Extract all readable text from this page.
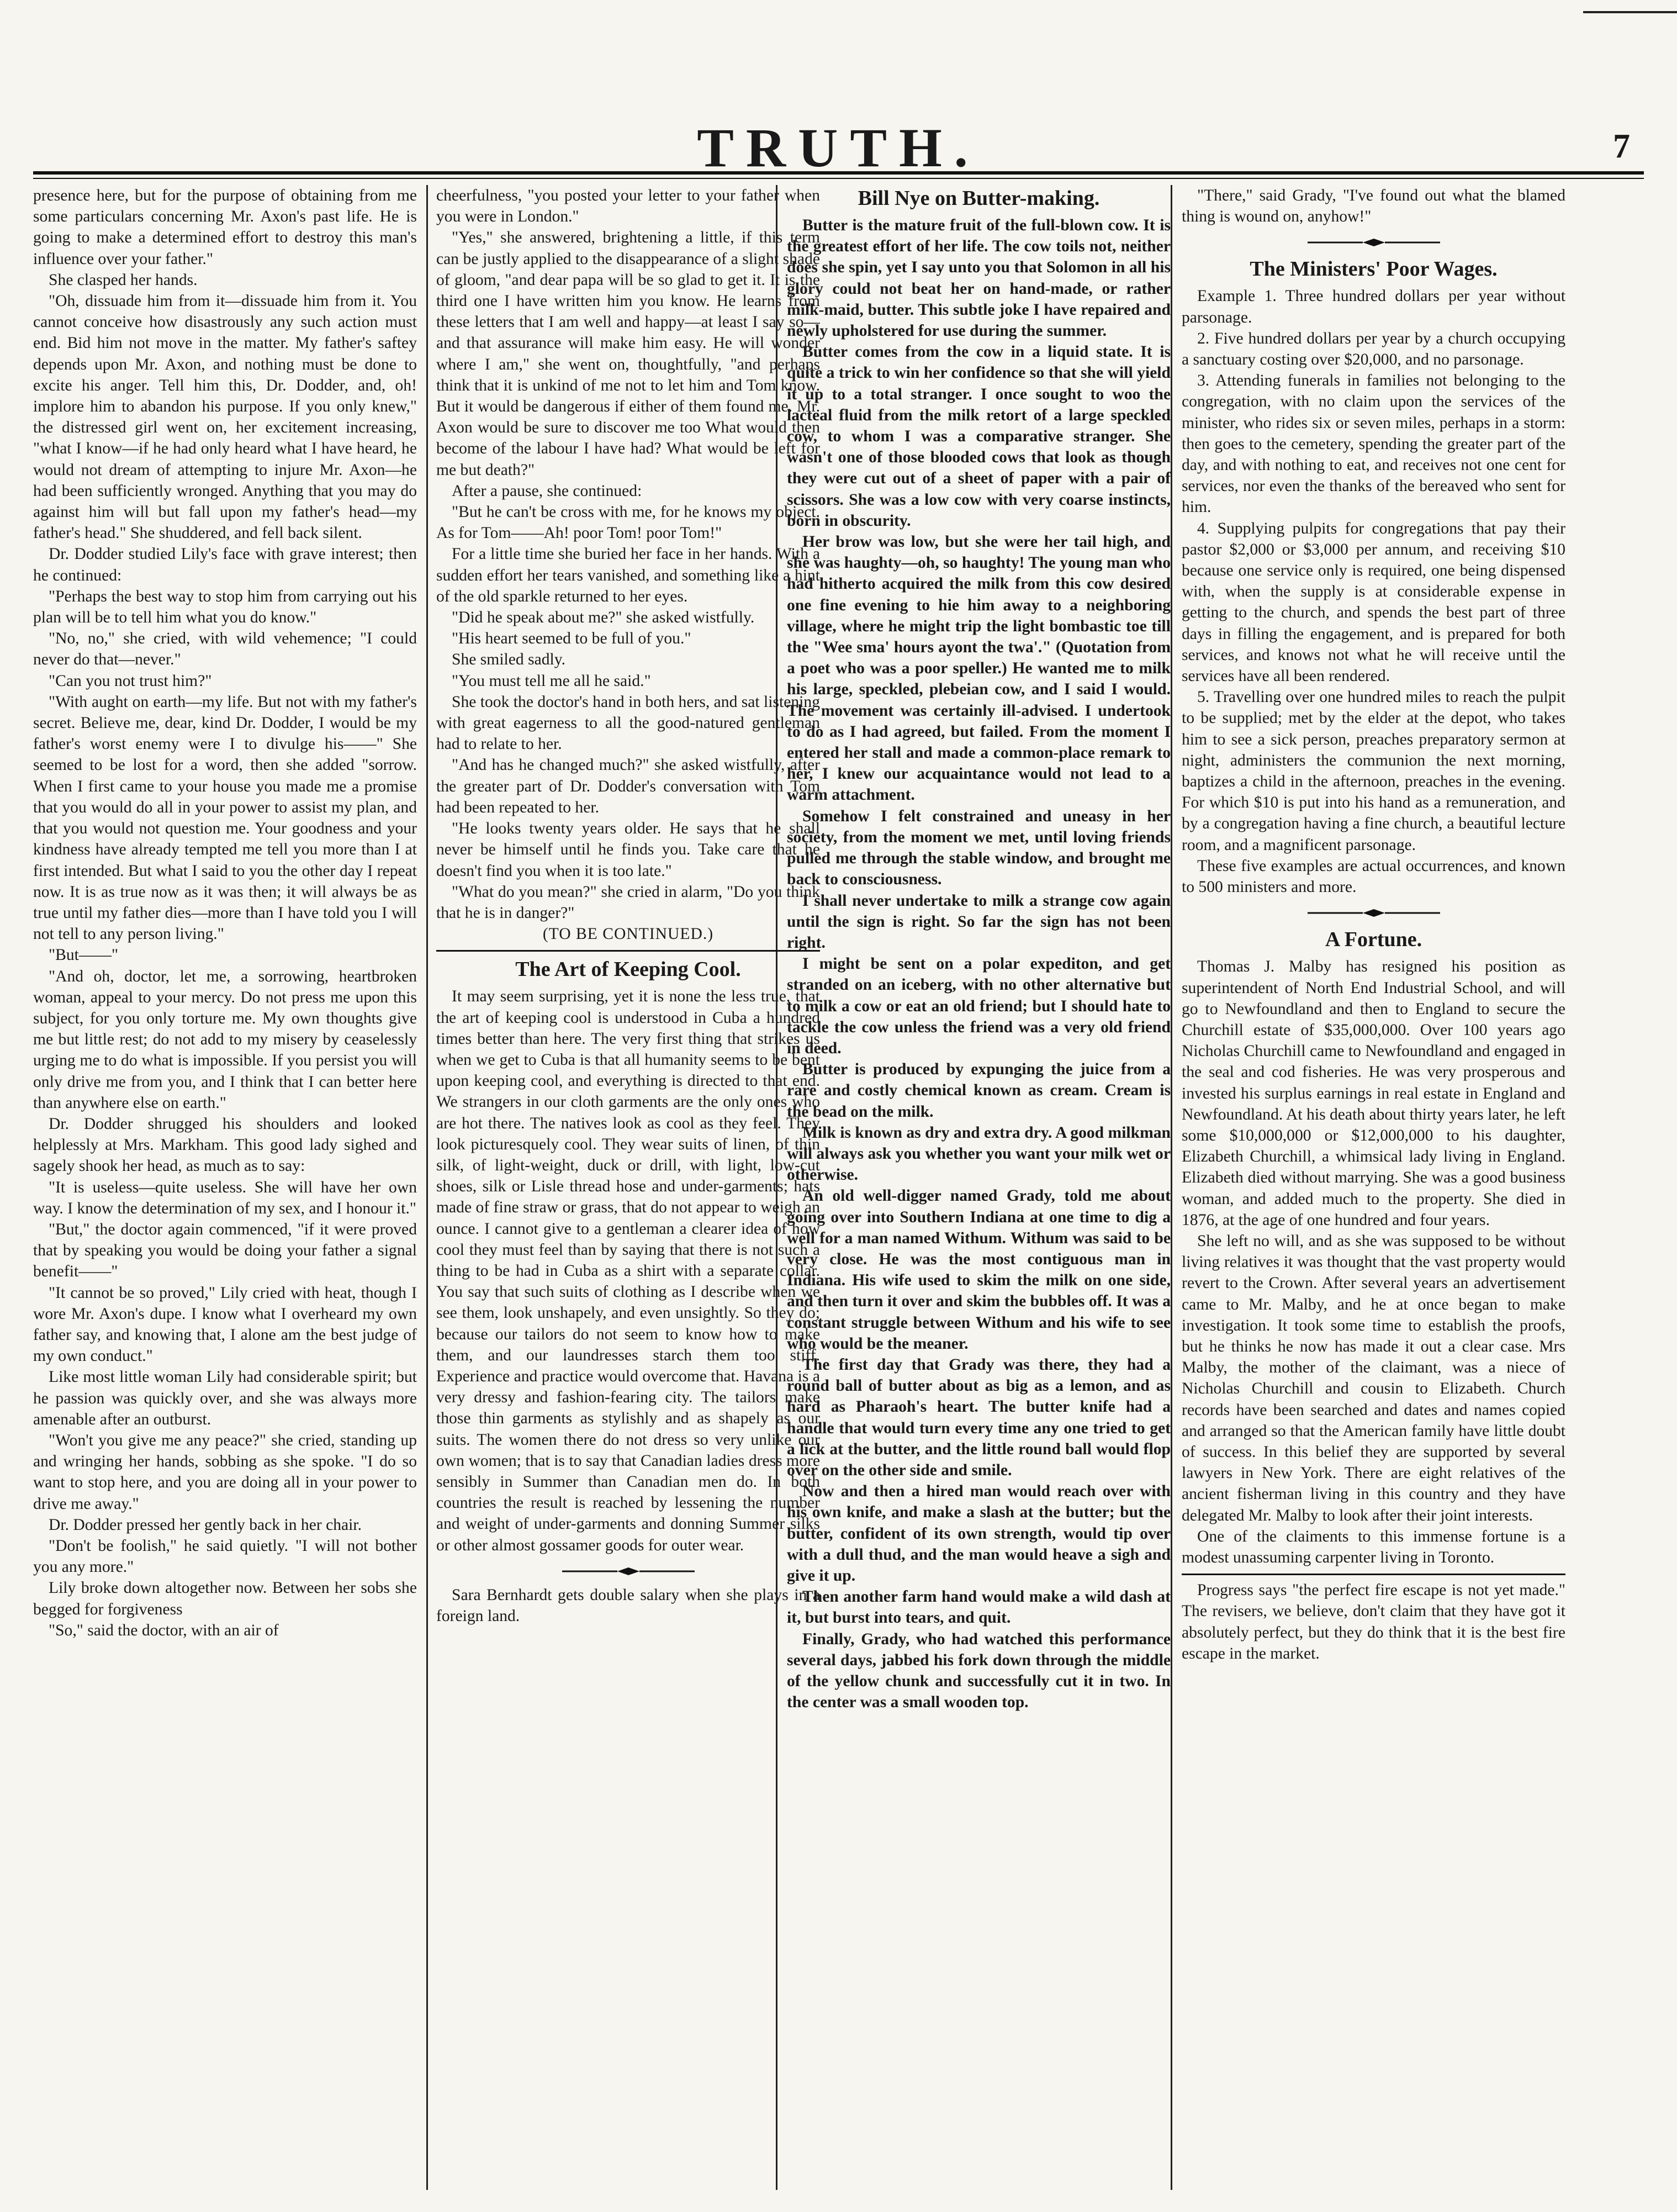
TRUTH.	7

presence here, but for the purpose of obtaining from me some particulars concerning Mr. Axon's past life. He is going to make a determined effort to destroy this man's influence over your father."

She clasped her hands.

"Oh, dissuade him from it—dissuade him from it. You cannot conceive how disastrously any such action must end. Bid him not move in the matter. My father's saftey depends upon Mr. Axon, and nothing must be done to excite his anger. Tell him this, Dr. Dodder, and, oh! implore him to abandon his purpose. If you only knew," the distressed girl went on, her excitement increasing, "what I know—if he had only heard what I have heard, he would not dream of attempting to injure Mr. Axon—he had been sufficiently wronged. Anything that you may do against him will but fall upon my father's head—my father's head." She shuddered, and fell back silent.

Dr. Dodder studied Lily's face with grave interest; then he continued:

"Perhaps the best way to stop him from carrying out his plan will be to tell him what you do know."

"No, no," she cried, with wild vehemence; "I could never do that—never."

"Can you not trust him?"

"With aught on earth—my life. But not with my father's secret. Believe me, dear, kind Dr. Dodder, I would be my father's worst enemy were I to divulge his——" She seemed to be lost for a word, then she added "sorrow. When I first came to your house you made me a promise that you would do all in your power to assist my plan, and that you would not question me. Your goodness and your kindness have already tempted me tell you more than I at first intended. But what I said to you the other day I repeat now. It is as true now as it was then; it will always be as true until my father dies—more than I have told you I will not tell to any person living."

"But——"

"And oh, doctor, let me, a sorrowing, heartbroken woman, appeal to your mercy. Do not press me upon this subject, for you only torture me. My own thoughts give me but little rest; do not add to my misery by ceaselessly urging me to do what is impossible. If you persist you will only drive me from you, and I think that I can better here than anywhere else on earth."

Dr. Dodder shrugged his shoulders and looked helplessly at Mrs. Markham. This good lady sighed and sagely shook her head, as much as to say:

"It is useless—quite useless. She will have her own way. I know the determination of my sex, and I honour it."

"But," the doctor again commenced, "if it were proved that by speaking you would be doing your father a signal benefit——"

"It cannot be so proved," Lily cried with heat, though I wore Mr. Axon's dupe. I know what I overheard my own father say, and knowing that, I alone am the best judge of my own conduct."

Like most little woman Lily had considerable spirit; but he passion was quickly over, and she was always more amenable after an outburst.

"Won't you give me any peace?" she cried, standing up and wringing her hands, sobbing as she spoke. "I do so want to stop here, and you are doing all in your power to drive me away."

Dr. Dodder pressed her gently back in her chair.

"Don't be foolish," he said quietly. "I will not bother you any more."

Lily broke down altogether now. Between her sobs she begged for forgiveness

"So," said the doctor, with an air of

cheerfulness, "you posted your letter to your father when you were in London."

"Yes," she answered, brightening a little, if this term can be justly applied to the disappearance of a slight shade of gloom, "and dear papa will be so glad to get it. It is the third one I have written him you know. He learns from these letters that I am well and happy—at least I say so—and that assurance will make him easy. He will wonder where I am," she went on, thoughtfully, "and perhaps think that it is unkind of me not to let him and Tom know. But it would be dangerous if either of them found me. Mr. Axon would be sure to discover me too What would then become of the labour I have had? What would be left for me but death?"

After a pause, she continued:

"But he can't be cross with me, for he knows my object. As for Tom——Ah! poor Tom! poor Tom!"

For a little time she buried her face in her hands. With a sudden effort her tears vanished, and something like a hint of the old sparkle returned to her eyes.

"Did he speak about me?" she asked wistfully.

"His heart seemed to be full of you."

She smiled sadly.

"You must tell me all he said."

She took the doctor's hand in both hers, and sat listening with great eagerness to all the good-natured gentleman had to relate to her.

"And has he changed much?" she asked wistfully, after the greater part of Dr. Dodder's conversation with Tom had been repeated to her.

"He looks twenty years older. He says that he shall never be himself until he finds you. Take care that he doesn't find you when it is too late."

"What do you mean?" she cried in alarm, "Do you think that he is in danger?"

(TO BE CONTINUED.)

The Art of Keeping Cool.

It may seem surprising, yet it is none the less true, that the art of keeping cool is understood in Cuba a hundred times better than here. The very first thing that strikes us when we get to Cuba is that all humanity seems to be bent upon keeping cool, and everything is directed to that end. We strangers in our cloth garments are the only ones who are hot there. The natives look as cool as they feel. They look picturesquely cool. They wear suits of linen, of thin silk, of light-weight, duck or drill, with light, low-cut shoes, silk or Lisle thread hose and under-garments; hats made of fine straw or grass, that do not appear to weigh an ounce. I cannot give to a gentleman a clearer idea of how cool they must feel than by saying that there is not such a thing to be had in Cuba as a shirt with a separate collar. You say that such suits of clothing as I describe when we see them, look unshapely, and even unsightly. So they do; because our tailors do not seem to know how to make them, and our laundresses starch them too stiff. Experience and practice would overcome that. Havana is a very dressy and fashion-fearing city. The tailors make those thin garments as stylishly and as shapely as our suits. The women there do not dress so very unlike our own women; that is to say that Canadian ladies dress more sensibly in Summer than Canadian men do. In both countries the result is reached by lessening the number and weight of under-garments and donning Summer silks or other almost gossamer goods for outer wear.

Sara Bernhardt gets double salary when she plays in a foreign land.

Bill Nye on Butter-making.

Butter is the mature fruit of the full-blown cow. It is the greatest effort of her life. The cow toils not, neither does she spin, yet I say unto you that Solomon in all his glory could not beat her on hand-made, or rather milk-maid, butter. This subtle joke I have repaired and newly upholstered for use during the summer.

Butter comes from the cow in a liquid state. It is quite a trick to win her confidence so that she will yield it up to a total stranger. I once sought to woo the lacteal fluid from the milk retort of a large speckled cow, to whom I was a comparative stranger. She wasn't one of those blooded cows that look as though they were cut out of a sheet of paper with a pair of scissors. She was a low cow with very coarse instincts, born in obscurity.

Her brow was low, but she were her tail high, and she was haughty—oh, so haughty! The young man who had hitherto acquired the milk from this cow desired one fine evening to hie him away to a neighboring village, where he might trip the light bombastic toe till the "Wee sma' hours ayont the twa'." (Quotation from a poet who was a poor speller.) He wanted me to milk his large, speckled, plebeian cow, and I said I would. The movement was certainly ill-advised. I undertook to do as I had agreed, but failed. From the moment I entered her stall and made a common-place remark to her, I knew our acquaintance would not lead to a warm attachment.

Somehow I felt constrained and uneasy in her society, from the moment we met, until loving friends pulled me through the stable window, and brought me back to consciousness.

I shall never undertake to milk a strange cow again until the sign is right. So far the sign has not been right.

I might be sent on a polar expediton, and get stranded on an iceberg, with no other alternative but to milk a cow or eat an old friend; but I should hate to tackle the cow unless the friend was a very old friend in deed.

Butter is produced by expunging the juice from a rare and costly chemical known as cream. Cream is the bead on the milk.

Milk is known as dry and extra dry. A good milkman will always ask you whether you want your milk wet or otherwise.

An old well-digger named Grady, told me about going over into Southern Indiana at one time to dig a well for a man named Withum. Withum was said to be very close. He was the most contiguous man in Indiana. His wife used to skim the milk on one side, and then turn it over and skim the bubbles off. It was a constant struggle between Withum and his wife to see who would be the meaner.

The first day that Grady was there, they had a round ball of butter about as big as a lemon, and as hard as Pharaoh's heart. The butter knife had a handle that would turn every time any one tried to get a lick at the butter, and the little round ball would flop over on the other side and smile.

Now and then a hired man would reach over with his own knife, and make a slash at the butter; but the butter, confident of its own strength, would tip over with a dull thud, and the man would heave a sigh and give it up.

Then another farm hand would make a wild dash at it, but burst into tears, and quit.

Finally, Grady, who had watched this performance several days, jabbed his fork down through the middle of the yellow chunk and successfully cut it in two. In the center was a small wooden top.

"There," said Grady, "I've found out what the blamed thing is wound on, anyhow!"

The Ministers' Poor Wages.

Example 1. Three hundred dollars per year without parsonage.

2. Five hundred dollars per year by a church occupying a sanctuary costing over $20,000, and no parsonage.

3. Attending funerals in families not belonging to the congregation, with no claim upon the services of the minister, who rides six or seven miles, perhaps in a storm: then goes to the cemetery, spending the greater part of the day, and with nothing to eat, and receives not one cent for services, nor even the thanks of the bereaved who sent for him.

4. Supplying pulpits for congregations that pay their pastor $2,000 or $3,000 per annum, and receiving $10 because one service only is required, one being dispensed with, when the supply is at considerable expense in getting to the church, and spends the best part of three days in filling the engagement, and is prepared for both services, and knows not what he will receive until the services have all been rendered.

5. Travelling over one hundred miles to reach the pulpit to be supplied; met by the elder at the depot, who takes him to see a sick person, preaches preparatory sermon at night, administers the communion the next morning, baptizes a child in the afternoon, preaches in the evening. For which $10 is put into his hand as a remuneration, and by a congregation having a fine church, a beautiful lecture room, and a magnificent parsonage.

These five examples are actual occurrences, and known to 500 ministers and more.

A Fortune.

Thomas J. Malby has resigned his position as superintendent of North End Industrial School, and will go to Newfoundland and then to England to secure the Churchill estate of $35,000,000. Over 100 years ago Nicholas Churchill came to Newfoundland and engaged in the seal and cod fisheries. He was very prosperous and invested his surplus earnings in real estate in England and Newfoundland. At his death about thirty years later, he left some $10,000,000 or $12,000,000 to his daughter, Elizabeth Churchill, a whimsical lady living in England. Elizabeth died without marrying. She was a good business woman, and added much to the property. She died in 1876, at the age of one hundred and four years.

She left no will, and as she was supposed to be without living relatives it was thought that the vast property would revert to the Crown. After several years an advertisement came to Mr. Malby, and he at once began to make investigation. It took some time to establish the proofs, but he thinks he now has made it out a clear case. Mrs Malby, the mother of the claimant, was a niece of Nicholas Churchill and cousin to Elizabeth. Church records have been searched and dates and names copied and arranged so that the American family have little doubt of success. In this belief they are supported by several lawyers in New York. There are eight relatives of the ancient fisherman living in this country and they have delegated Mr. Malby to look after their joint interests.

One of the claiments to this immense fortune is a modest unassuming carpenter living in Toronto.

Progress says "the perfect fire escape is not yet made." The revisers, we believe, don't claim that they have got it absolutely perfect, but they do think that it is the best fire escape in the market.
